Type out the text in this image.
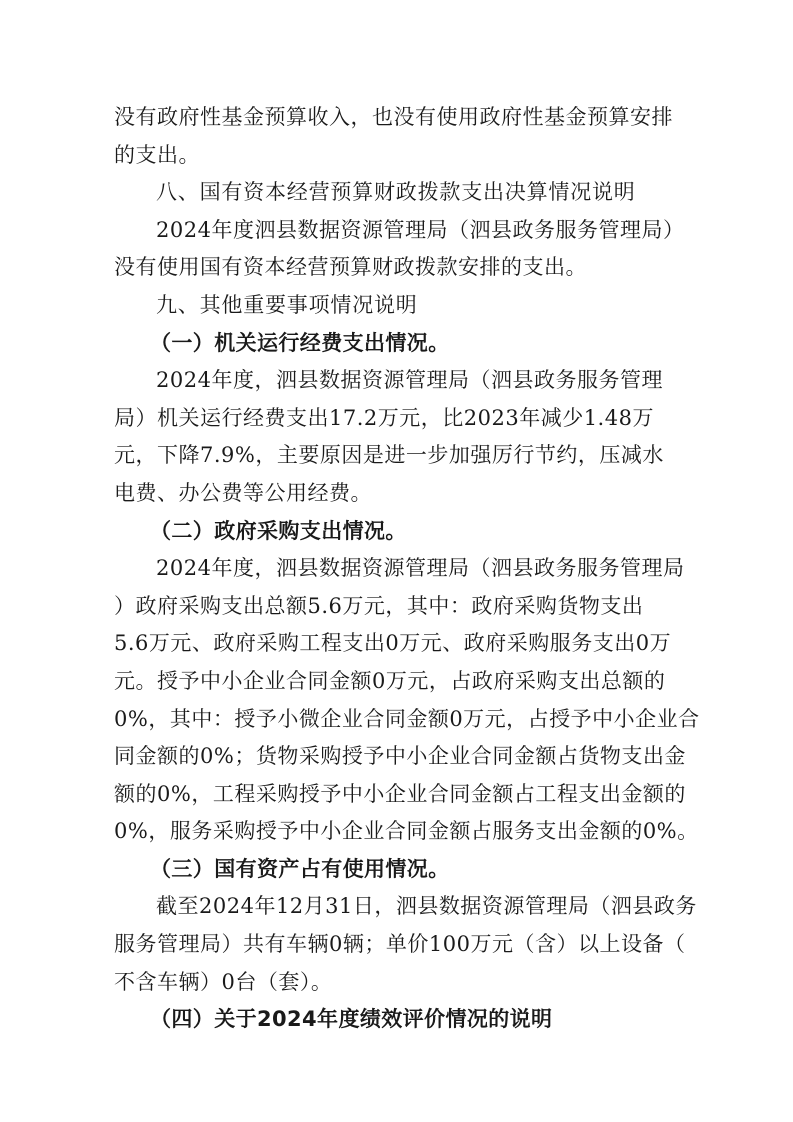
没有政府性基金预算收入，也没有使用政府性基金预算安排
的支出。
八、国有资本经营预算财政拨款支出决算情况说明
2024年度泗县数据资源管理局（泗县政务服务管理局）
没有使用国有资本经营预算财政拨款安排的支出。
九、其他重要事项情况说明
（一）机关运行经费支出情况。
2024年度，泗县数据资源管理局（泗县政务服务管理
局）机关运行经费支出17.2万元，比2023年减少1.48万
元，下降7.9%，主要原因是进一步加强厉行节约，压减水
电费、办公费等公用经费。
（二）政府采购支出情况。
2024年度，泗县数据资源管理局（泗县政务服务管理局
）政府采购支出总额5.6万元，其中：政府采购货物支出
5.6万元、政府采购工程支出0万元、政府采购服务支出0万
元。授予中小企业合同金额0万元，占政府采购支出总额的
0%，其中：授予小微企业合同金额0万元，占授予中小企业合
同金额的0%；货物采购授予中小企业合同金额占货物支出金
额的0%，工程采购授予中小企业合同金额占工程支出金额的
0%，服务采购授予中小企业合同金额占服务支出金额的0%。
（三）国有资产占有使用情况。
截至2024年12月31日，泗县数据资源管理局（泗县政务
服务管理局）共有车辆0辆；单价100万元（含）以上设备（
不含车辆）0台（套）。
（四）关于2024年度绩效评价情况的说明
